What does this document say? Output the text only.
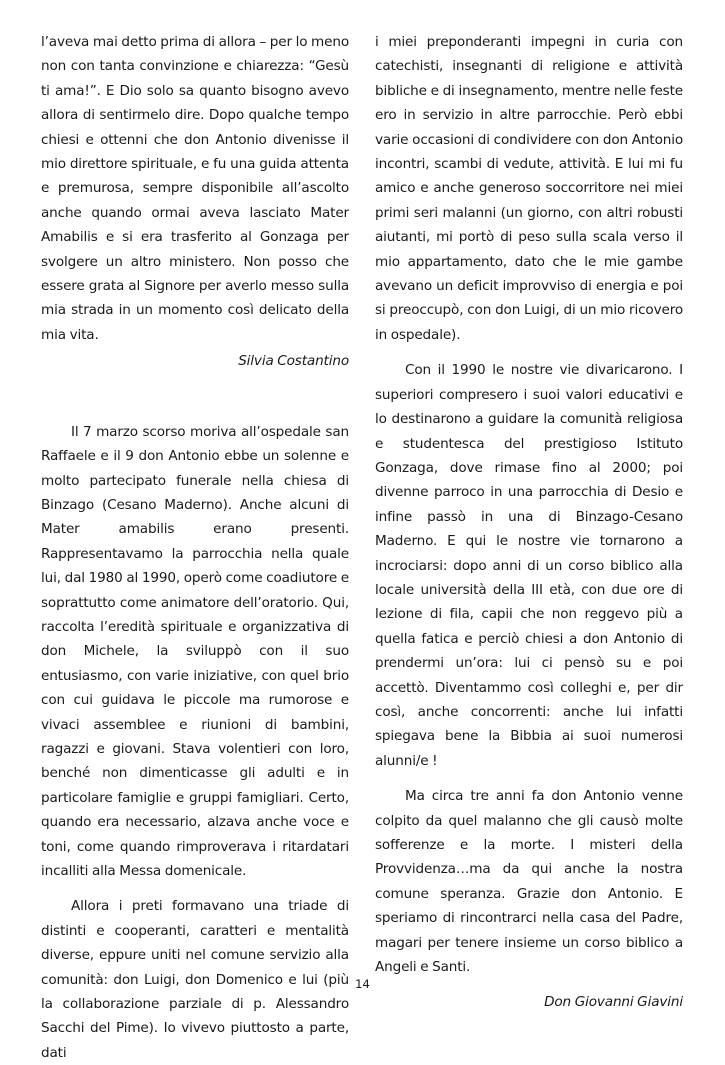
l’aveva mai detto prima di allora – per lo meno non con tanta convinzione e chiarezza: “Gesù ti ama!”. E Dio solo sa quanto bisogno avevo allora di sentirmelo dire. Dopo qualche tempo chiesi e ottenni che don Antonio divenisse il mio direttore spirituale, e fu una guida attenta e premurosa, sempre disponibile all’ascolto anche quando ormai aveva lasciato Mater Amabilis e si era trasferito al Gonzaga per svolgere un altro ministero. Non posso che essere grata al Signore per averlo messo sulla mia strada in un momento così delicato della mia vita.

Silvia Costantino

Il 7 marzo scorso moriva all’ospedale san Raffaele e il 9 don Antonio ebbe un solenne e molto partecipato funerale nella chiesa di Binzago (Cesano Maderno). Anche alcuni di Mater amabilis erano presenti. Rappresentavamo la parrocchia nella quale lui, dal 1980 al 1990, operò come coadiutore e soprattutto come animatore dell’oratorio. Qui, raccolta l’eredità spirituale e organizzativa di don Michele, la sviluppò con il suo entusiasmo, con varie iniziative, con quel brio con cui guidava le piccole ma rumorose e vivaci assemblee e riunioni di bambini, ragazzi e giovani. Stava volentieri con loro, benché non dimenticasse gli adulti e in particolare famiglie e gruppi famigliari. Certo, quando era necessario, alzava anche voce e toni, come quando rimproverava i ritardatari incalliti alla Messa domenicale.

Allora i preti formavano una triade di distinti e cooperanti, caratteri e mentalità diverse, eppure uniti nel comune servizio alla comunità: don Luigi, don Domenico e lui (più la collaborazione parziale di p. Alessandro Sacchi del Pime). Io vivevo piuttosto a parte, dati

i miei preponderanti impegni in curia con catechisti, insegnanti di religione e attività bibliche e di insegnamento, mentre nelle feste ero in servizio in altre parrocchie. Però ebbi varie occasioni di condividere con don Antonio incontri, scambi di vedute, attività. E lui mi fu amico e anche generoso soccorritore nei miei primi seri malanni (un giorno, con altri robusti aiutanti, mi portò di peso sulla scala verso il mio appartamento, dato che le mie gambe avevano un deficit improvviso di energia e poi si preoccupò, con don Luigi, di un mio ricovero in ospedale).

Con il 1990 le nostre vie divaricarono. I superiori compresero i suoi valori educativi e lo destinarono a guidare la comunità religiosa e studentesca del prestigioso Istituto Gonzaga, dove rimase fino al 2000; poi divenne parroco in una parrocchia di Desio e infine passò in una di Binzago-Cesano Maderno. E qui le nostre vie tornarono a incrociarsi: dopo anni di un corso biblico alla locale università della III età, con due ore di lezione di fila, capii che non reggevo più a quella fatica e perciò chiesi a don Antonio di prendermi un’ora: lui ci pensò su e poi accettò. Diventammo così colleghi e, per dir così, anche concorrenti: anche lui infatti spiegava bene la Bibbia ai suoi numerosi alunni/e !

Ma circa tre anni fa don Antonio venne colpito da quel malanno che gli causò molte sofferenze e la morte. I misteri della Provvidenza…ma da qui anche la nostra comune speranza. Grazie don Antonio. E speriamo di rincontrarci nella casa del Padre, magari per tenere insieme un corso biblico a Angeli e Santi.

Don Giovanni Giavini

14
